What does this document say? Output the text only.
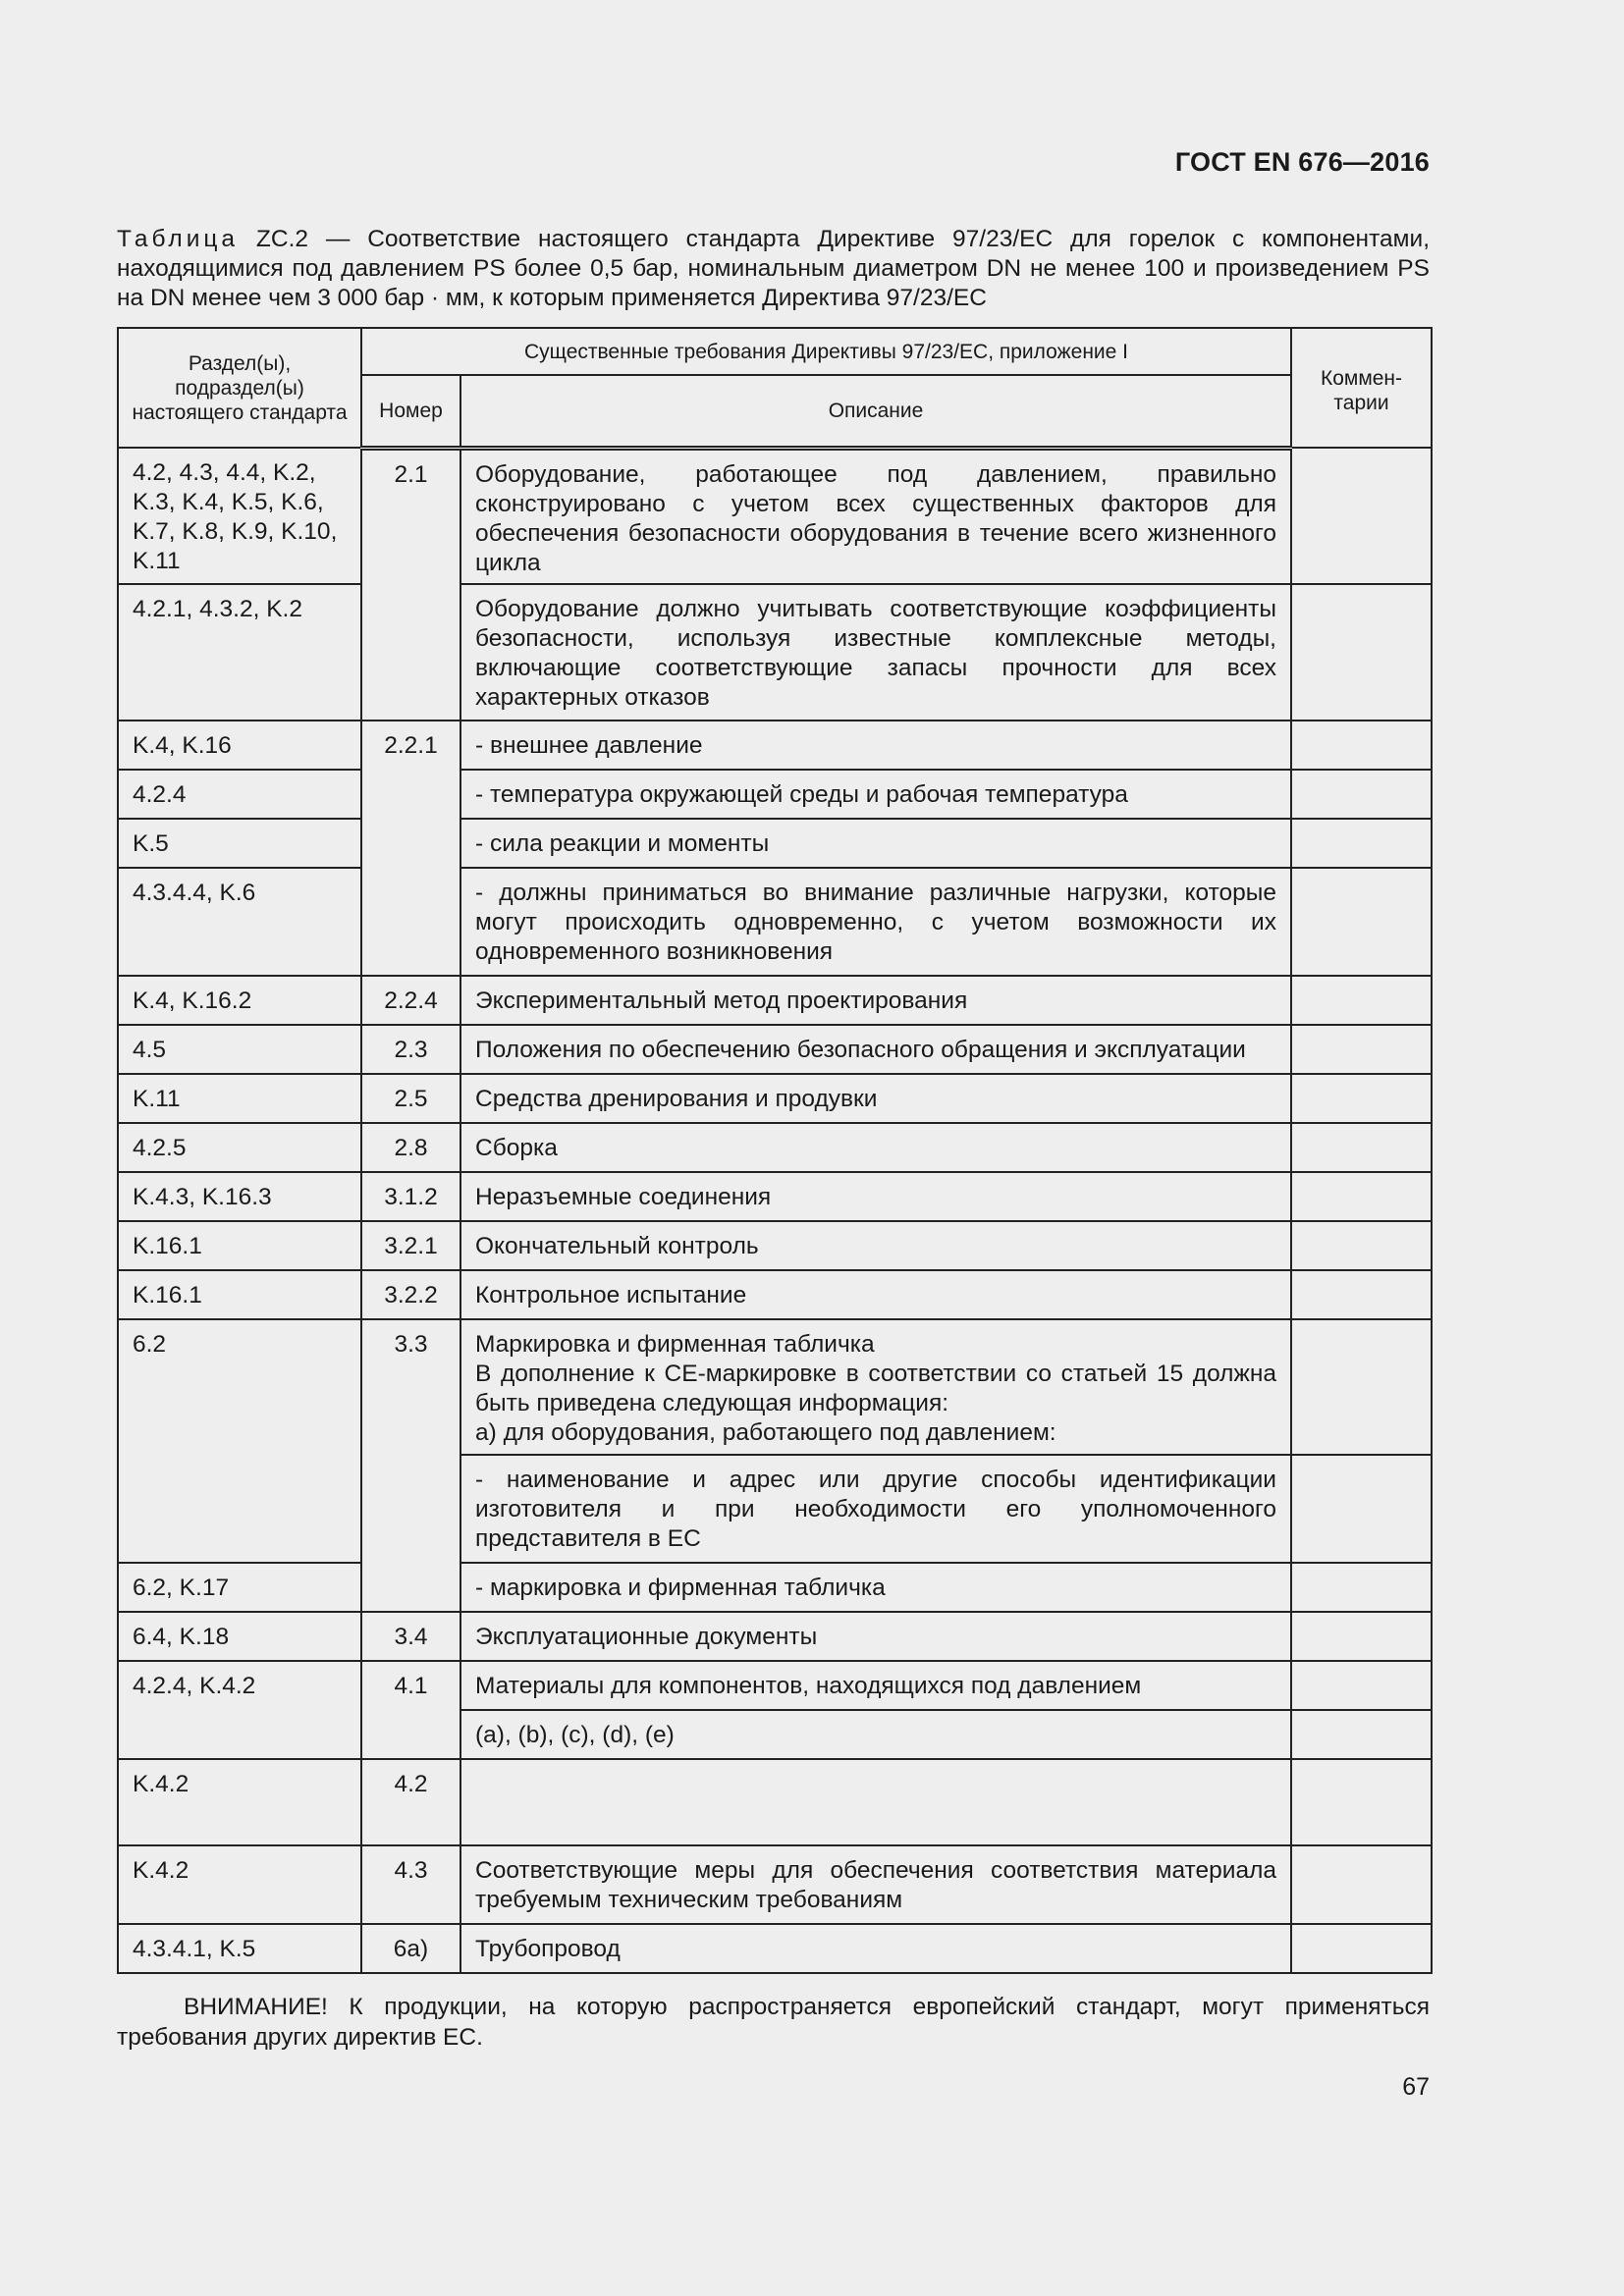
ГОСТ EN 676—2016
Таблица ZC.2 — Соответствие настоящего стандарта Директиве 97/23/ЕС для горелок с компонентами, находящимися под давлением PS более 0,5 бар, номинальным диаметром DN не менее 100 и произведением PS на DN менее чем 3 000 бар · мм, к которым применяется Директива 97/23/ЕС
Раздел(ы), подраздел(ы) настоящего стандарта	Существенные требования Директивы 97/23/ЕС, приложение I		Коммен-тарии
	Номер	Описание	
4.2, 4.3, 4.4, K.2, K.3, K.4, K.5, K.6, K.7, K.8, K.9, K.10, K.11	2.1	Оборудование, работающее под давлением, правильно сконструировано с учетом всех существенных факторов для обеспечения безопасности оборудования в течение всего жизненного цикла	
4.2.1, 4.3.2, K.2		Оборудование должно учитывать соответствующие коэффициенты безопасности, используя известные комплексные методы, включающие соответствующие запасы прочности для всех характерных отказов	
K.4, K.16	2.2.1	- внешнее давление	
4.2.4		- температура окружающей среды и рабочая температура	
K.5		- сила реакции и моменты	
4.3.4.4, K.6		- должны приниматься во внимание различные нагрузки, которые могут происходить одновременно, с учетом возможности их одновременного возникновения	
K.4, K.16.2	2.2.4	Экспериментальный метод проектирования	
4.5	2.3	Положения по обеспечению безопасного обращения и эксплуатации	
K.11	2.5	Средства дренирования и продувки	
4.2.5	2.8	Сборка	
K.4.3, K.16.3	3.1.2	Неразъемные соединения	
K.16.1	3.2.1	Окончательный контроль	
K.16.1	3.2.2	Контрольное испытание	
6.2	3.3	Маркировка и фирменная табличка
В дополнение к СЕ-маркировке в соответствии со статьей 15 должна быть приведена следующая информация:
а) для оборудования, работающего под давлением:	

		- наименование и адрес или другие способы идентификации изготовителя и при необходимости его уполномоченного представителя в ЕС	
6.2, K.17		- маркировка и фирменная табличка	
6.4, K.18	3.4	Эксплуатационные документы	
4.2.4, K.4.2	4.1	Материалы для компонентов, находящихся под давлением	
		(a), (b), (c), (d), (e)	
K.4.2	4.2		
K.4.2	4.3	Соответствующие меры для обеспечения соответствия материала требуемым техническим требованиям	
4.3.4.1, K.5	6a)	Трубопровод	
ВНИМАНИЕ! К продукции, на которую распространяется европейский стандарт, могут применяться требования других директив ЕС.
67
